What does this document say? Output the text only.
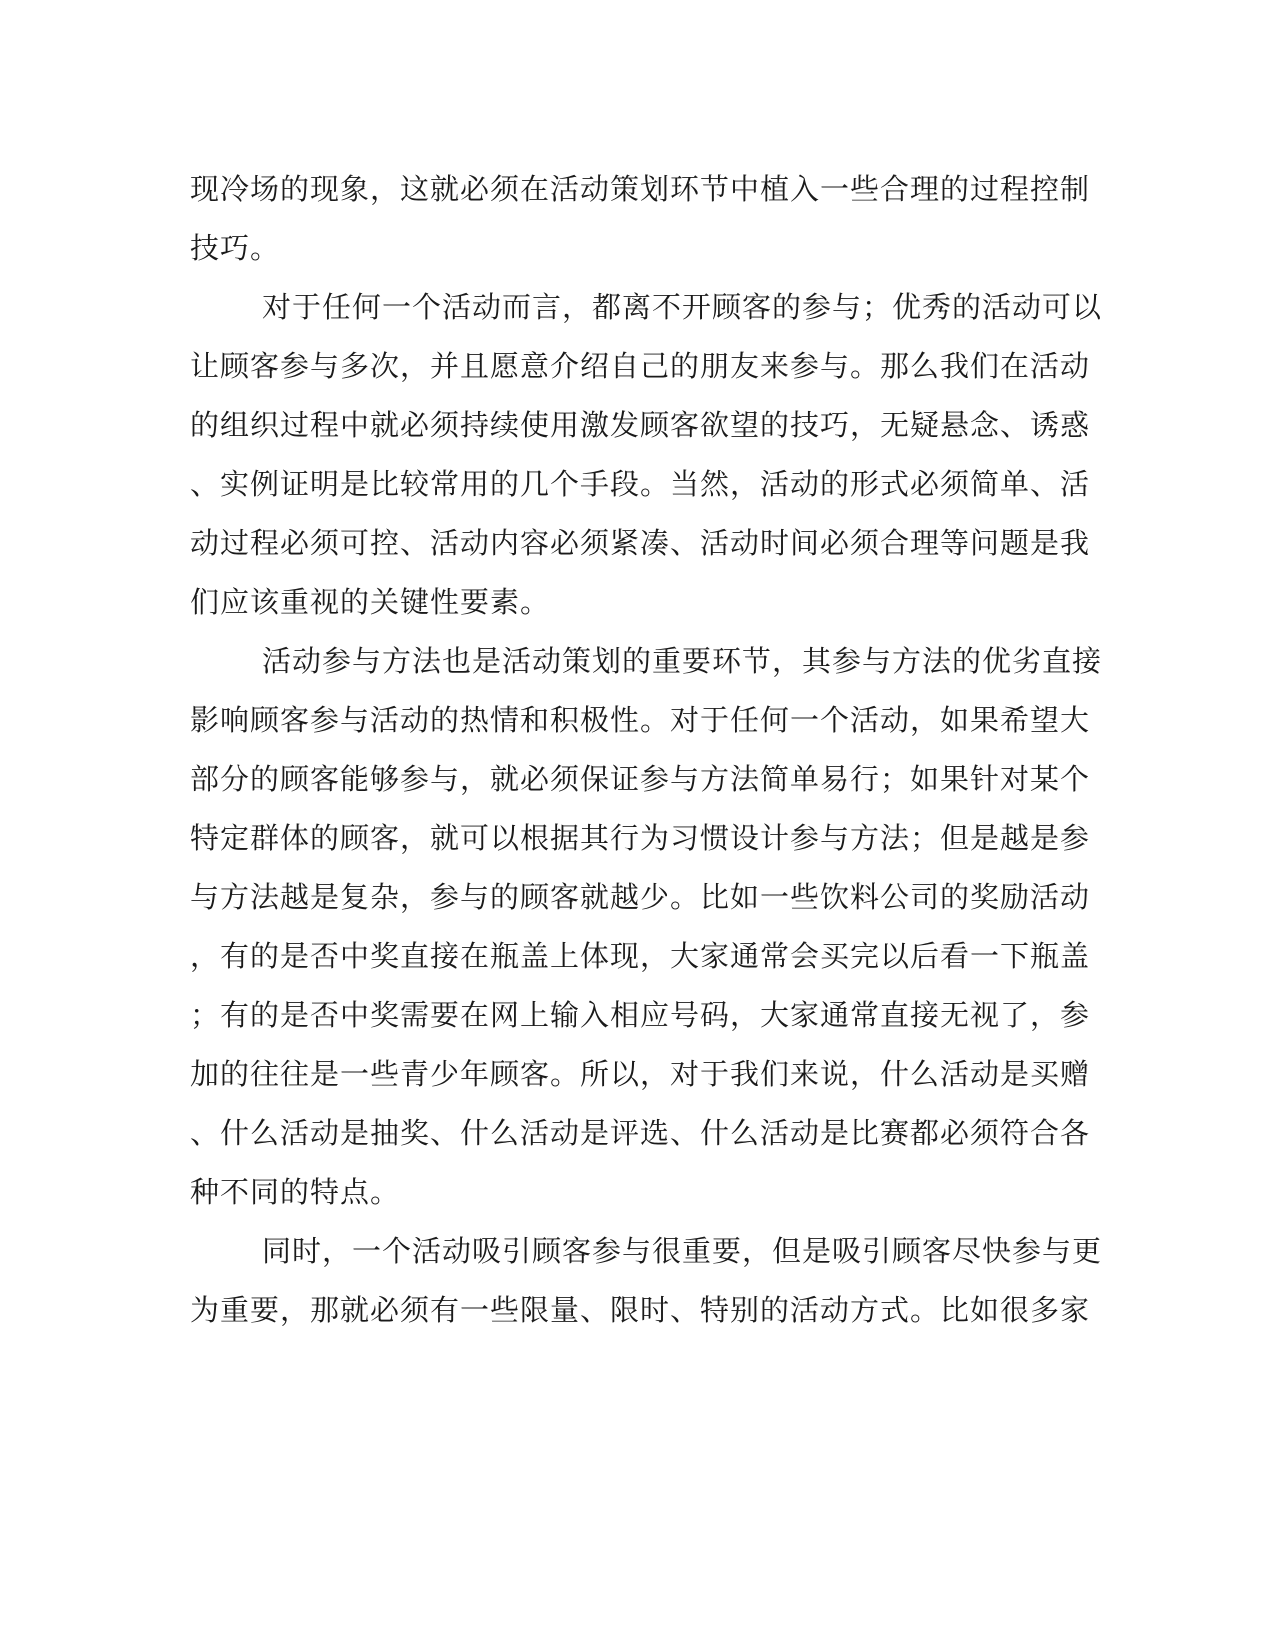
现冷场的现象，这就必须在活动策划环节中植入一些合理的过程控制
技巧。
对于任何一个活动而言，都离不开顾客的参与；优秀的活动可以
让顾客参与多次，并且愿意介绍自己的朋友来参与。那么我们在活动
的组织过程中就必须持续使用激发顾客欲望的技巧，无疑悬念、诱惑
、实例证明是比较常用的几个手段。当然，活动的形式必须简单、活
动过程必须可控、活动内容必须紧凑、活动时间必须合理等问题是我
们应该重视的关键性要素。
活动参与方法也是活动策划的重要环节，其参与方法的优劣直接
影响顾客参与活动的热情和积极性。对于任何一个活动，如果希望大
部分的顾客能够参与，就必须保证参与方法简单易行；如果针对某个
特定群体的顾客，就可以根据其行为习惯设计参与方法；但是越是参
与方法越是复杂，参与的顾客就越少。比如一些饮料公司的奖励活动
，有的是否中奖直接在瓶盖上体现，大家通常会买完以后看一下瓶盖
；有的是否中奖需要在网上输入相应号码，大家通常直接无视了，参
加的往往是一些青少年顾客。所以，对于我们来说，什么活动是买赠
、什么活动是抽奖、什么活动是评选、什么活动是比赛都必须符合各
种不同的特点。
同时，一个活动吸引顾客参与很重要，但是吸引顾客尽快参与更
为重要，那就必须有一些限量、限时、特别的活动方式。比如很多家
